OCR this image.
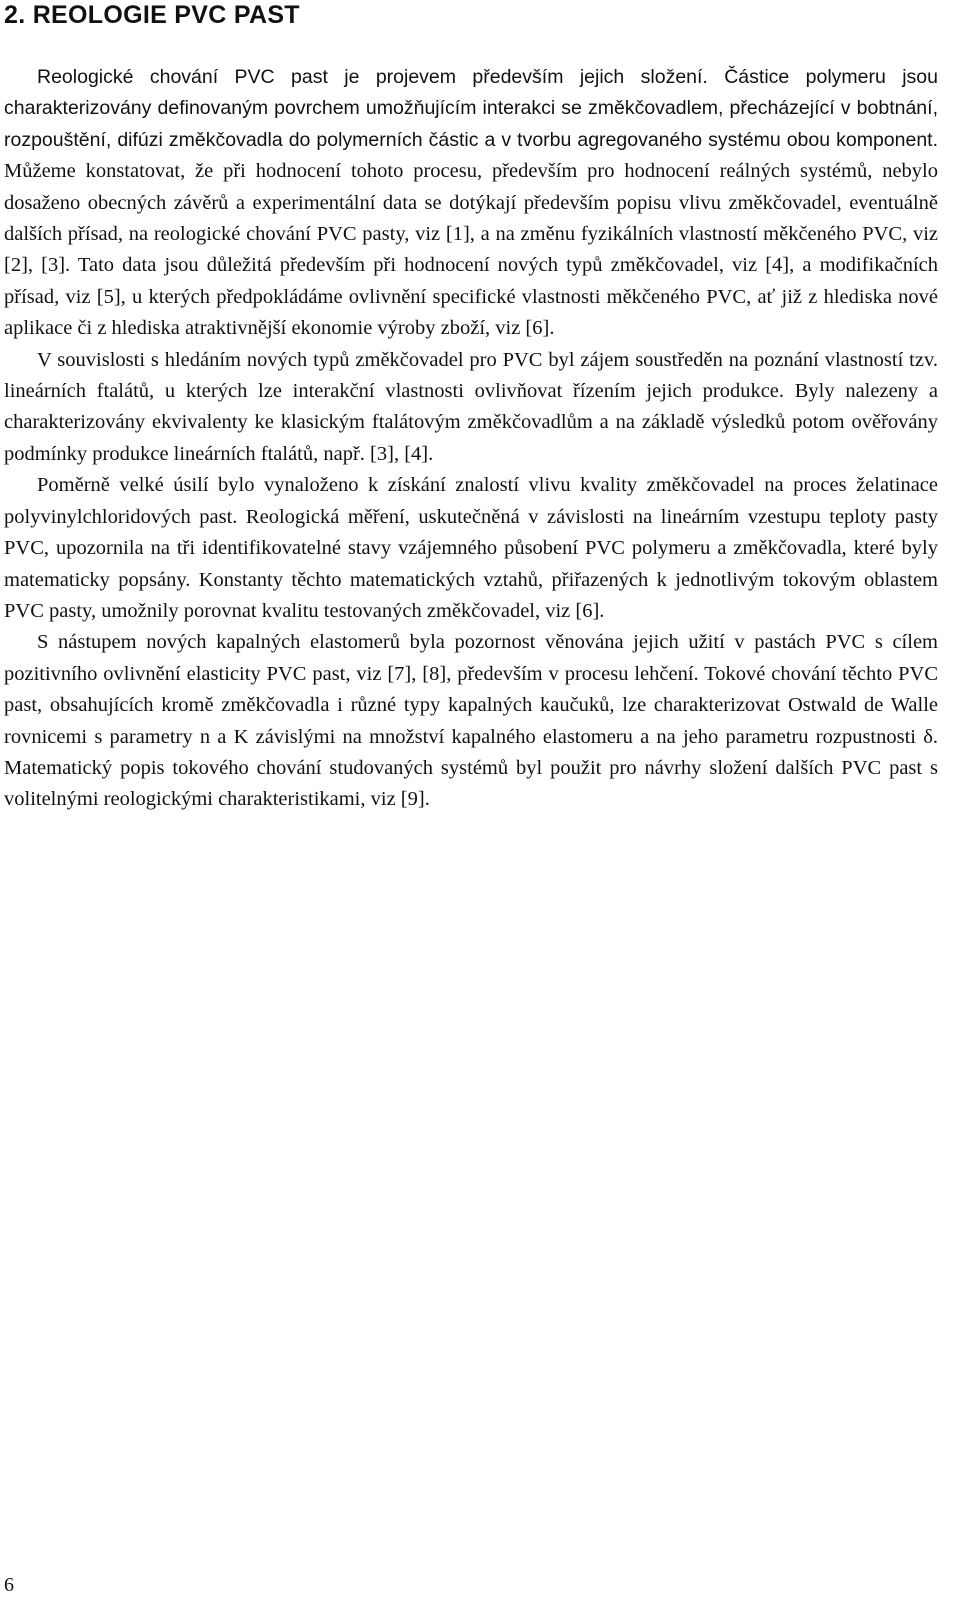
2. REOLOGIE PVC PAST

Reologické chování PVC past je projevem především jejich složení. Částice polymeru jsou charakterizovány definovaným povrchem umožňujícím interakci se změkčovadlem, přecházející v bobtnání, rozpouštění, difúzi změkčovadla do polymerních částic a v tvorbu agregovaného systému obou komponent. Můžeme konstatovat, že při hodnocení tohoto procesu, především pro hodnocení reálných systémů, nebylo dosaženo obecných závěrů a experimentální data se dotýkají především popisu vlivu změkčovadel, eventuálně dalších přísad, na reologické chování PVC pasty, viz [1], a na změnu fyzikálních vlastností měkčeného PVC, viz [2], [3]. Tato data jsou důležitá především při hodnocení nových typů změkčovadel, viz [4], a modifikačních přísad, viz [5], u kterých předpokládáme ovlivnění specifické vlastnosti měkčeného PVC, ať již z hlediska nové aplikace či z hlediska atraktivnější ekonomie výroby zboží, viz [6].

V souvislosti s hledáním nových typů změkčovadel pro PVC byl zájem soustředěn na poznání vlastností tzv. lineárních ftalátů, u kterých lze interakční vlastnosti ovlivňovat řízením jejich produkce. Byly nalezeny a charakterizovány ekvivalenty ke klasickým ftalátovým změkčovadlům a na základě výsledků potom ověřovány podmínky produkce lineárních ftalátů, např. [3], [4].

Poměrně velké úsilí bylo vynaloženo k získání znalostí vlivu kvality změkčovadel na proces želatinace polyvinylchloridových past. Reologická měření, uskutečněná v závislosti na lineárním vzestupu teploty pasty PVC, upozornila na tři identifikovatelné stavy vzájemného působení PVC polymeru a změkčovadla, které byly matematicky popsány. Konstanty těchto matematických vztahů, přiřazených k jednotlivým tokovým oblastem PVC pasty, umožnily porovnat kvalitu testovaných změkčovadel, viz [6].

S nástupem nových kapalných elastomerů byla pozornost věnována jejich užití v pastách PVC s cílem pozitivního ovlivnění elasticity PVC past, viz [7], [8], především v procesu lehčení. Tokové chování těchto PVC past, obsahujících kromě změkčovadla i různé typy kapalných kaučuků, lze charakterizovat Ostwald de Walle rovnicemi s parametry n a K závislými na množství kapalného elastomeru a na jeho parametru rozpustnosti δ. Matematický popis tokového chování studovaných systémů byl použit pro návrhy složení dalších PVC past s volitelnými reologickými charakteristikami, viz [9].

6
